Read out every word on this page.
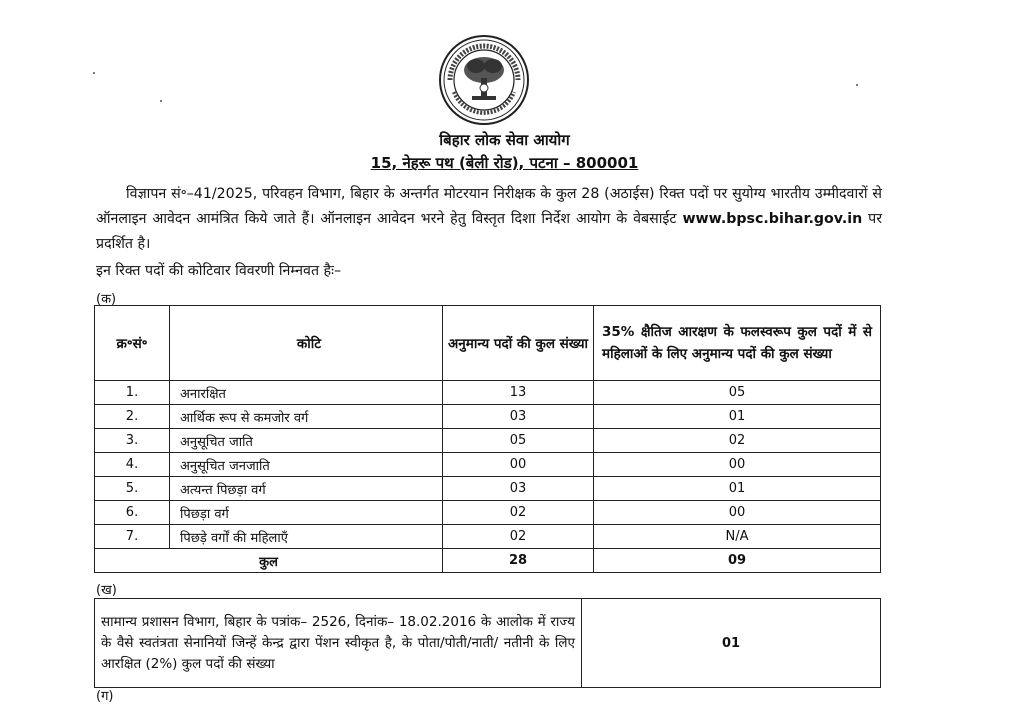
बिहार लोक सेवा आयोग
15, नेहरू पथ (बेली रोड), पटना – 800001
विज्ञापन सं॰–41/2025, परिवहन विभाग, बिहार के अन्तर्गत मोटरयान निरीक्षक के कुल 28 (अठाईस) रिक्त पदों पर सुयोग्य भारतीय उम्मीदवारों से ऑनलाइन आवेदन आमंत्रित किये जाते हैं। ऑनलाइन आवेदन भरने हेतु विस्तृत दिशा निर्देश आयोग के वेबसाईट www.bpsc.bihar.gov.in पर प्रदर्शित है।
इन रिक्त पदों की कोटिवार विवरणी निम्नवत हैः–
(क)
क्र॰सं॰	कोटि	अनुमान्य पदों की कुल संख्या	35% क्षैतिज आरक्षण के फलस्वरूप कुल पदों में से महिलाओं के लिए अनुमान्य पदों की कुल संख्या
1.	अनारक्षित	13	05
2.	आर्थिक रूप से कमजोर वर्ग	03	01
3.	अनुसूचित जाति	05	02
4.	अनुसूचित जनजाति	00	00
5.	अत्यन्त पिछड़ा वर्ग	03	01
6.	पिछड़ा वर्ग	02	00
7.	पिछड़े वर्गों की महिलाएँ	02	N/A
कुल		28	09
(ख)
सामान्य प्रशासन विभाग, बिहार के पत्रांक– 2526, दिनांक– 18.02.2016 के आलोक में राज्य के वैसे स्वतंत्रता सेनानियों जिन्हें केन्द्र द्वारा पेंशन स्वीकृत है, के पोता/पोती/नाती/ नतीनी के लिए आरक्षित (2%) कुल पदों की संख्या	01
(ग)
